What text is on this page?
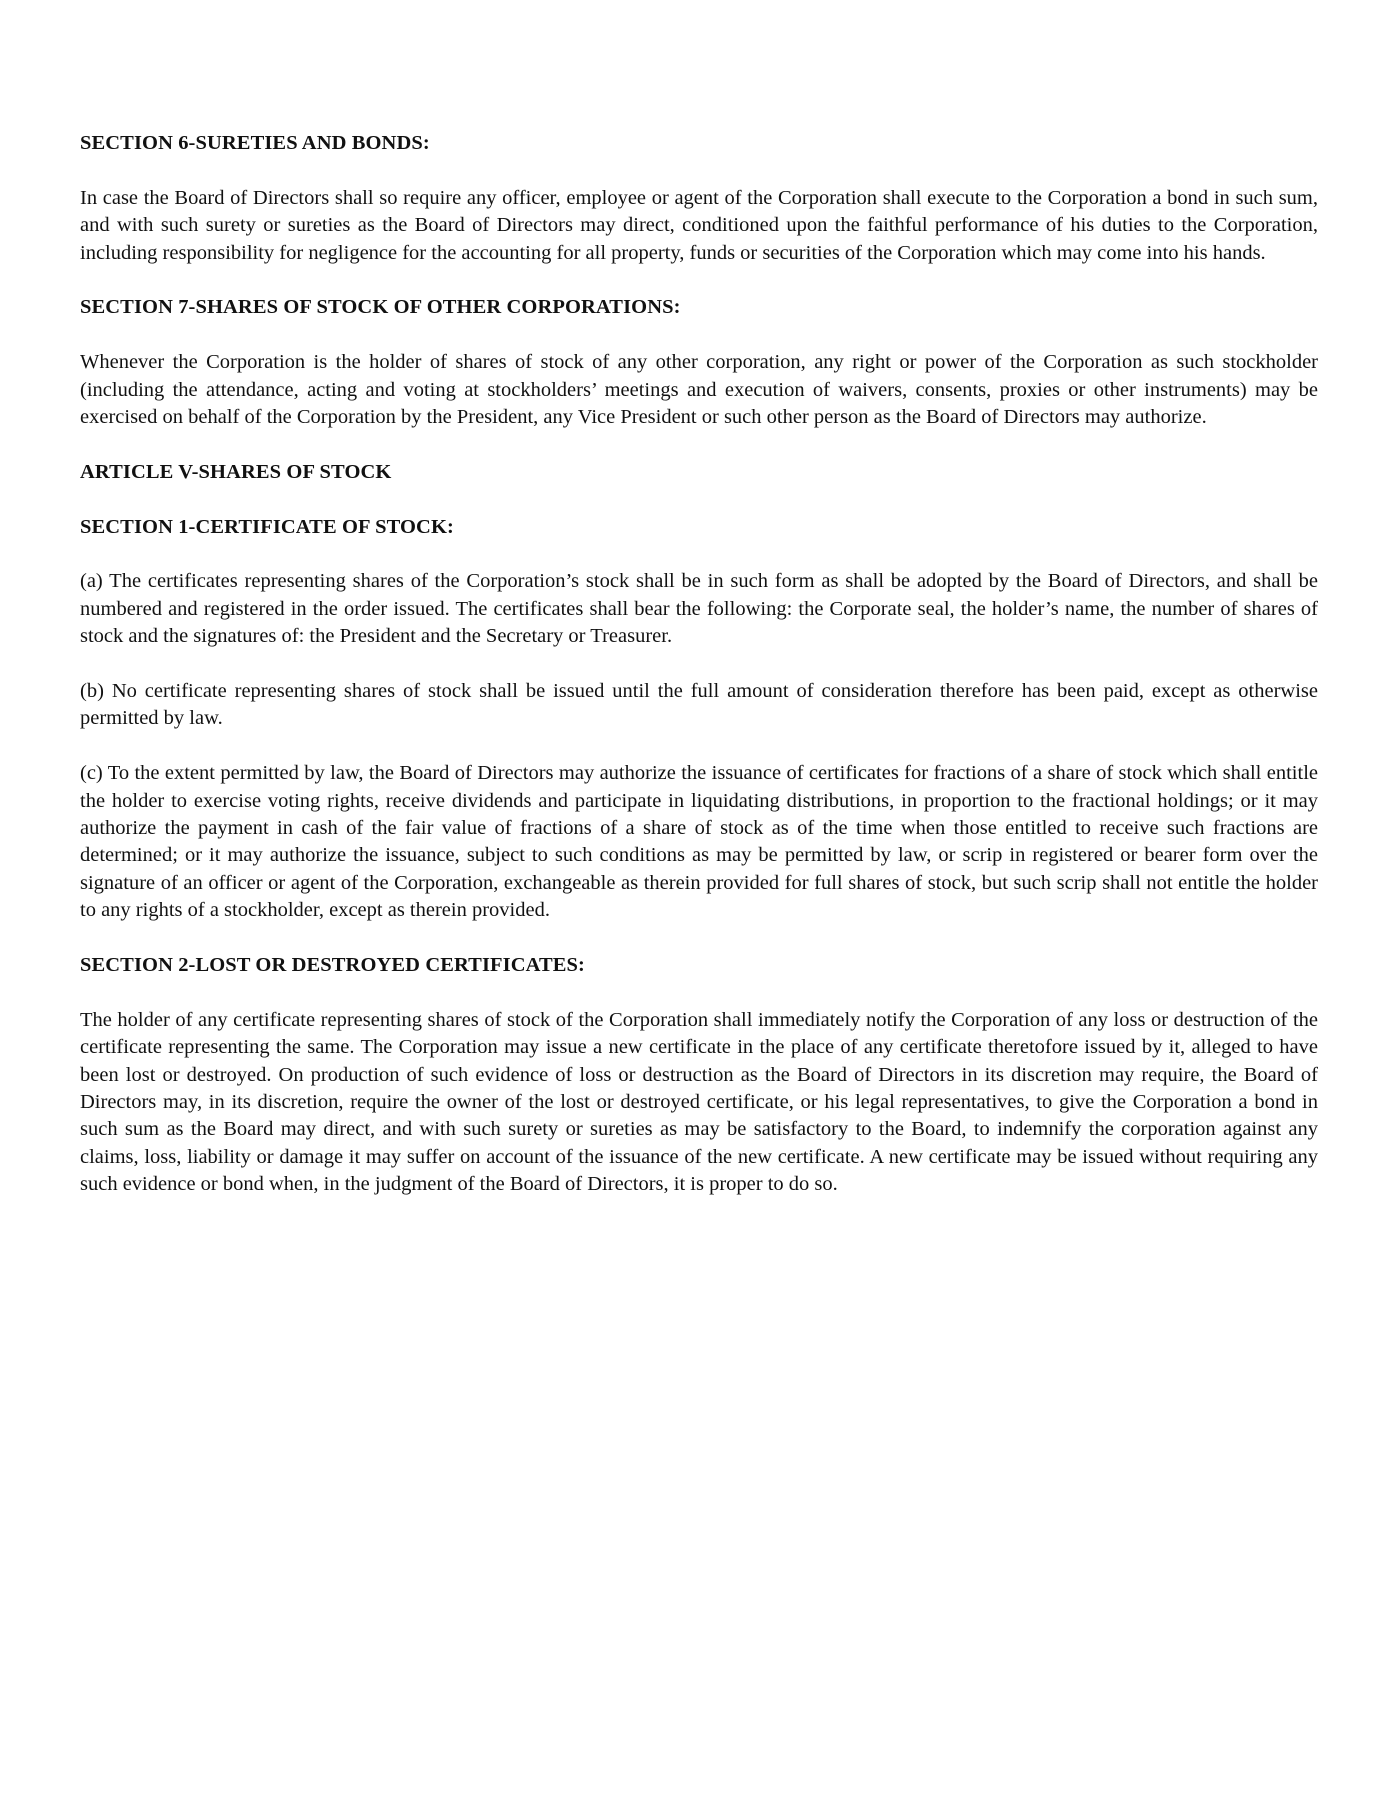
SECTION 6-SURETIES AND BONDS:

In case the Board of Directors shall so require any officer, employee or agent of the Corporation shall execute to the Corporation a bond in such sum, and with such surety or sureties as the Board of Directors may direct, conditioned upon the faithful performance of his duties to the Corporation, including responsibility for negligence for the accounting for all property, funds or securities of the Corporation which may come into his hands.

SECTION 7-SHARES OF STOCK OF OTHER CORPORATIONS:

Whenever the Corporation is the holder of shares of stock of any other corporation, any right or power of the Corporation as such stockholder (including the attendance, acting and voting at stockholders’ meetings and execution of waivers, consents, proxies or other instruments) may be exercised on behalf of the Corporation by the President, any Vice President or such other person as the Board of Directors may authorize.

ARTICLE V-SHARES OF STOCK

SECTION 1-CERTIFICATE OF STOCK:

(a) The certificates representing shares of the Corporation’s stock shall be in such form as shall be adopted by the Board of Directors, and shall be numbered and registered in the order issued. The certificates shall bear the following: the Corporate seal, the holder’s name, the number of shares of stock and the signatures of: the President and the Secretary or Treasurer.

(b) No certificate representing shares of stock shall be issued until the full amount of consideration therefore has been paid, except as otherwise permitted by law.

(c) To the extent permitted by law, the Board of Directors may authorize the issuance of certificates for fractions of a share of stock which shall entitle the holder to exercise voting rights, receive dividends and participate in liquidating distributions, in proportion to the fractional holdings; or it may authorize the payment in cash of the fair value of fractions of a share of stock as of the time when those entitled to receive such fractions are determined; or it may authorize the issuance, subject to such conditions as may be permitted by law, or scrip in registered or bearer form over the signature of an officer or agent of the Corporation, exchangeable as therein provided for full shares of stock, but such scrip shall not entitle the holder to any rights of a stockholder, except as therein provided.

SECTION 2-LOST OR DESTROYED CERTIFICATES:

The holder of any certificate representing shares of stock of the Corporation shall immediately notify the Corporation of any loss or destruction of the certificate representing the same. The Corporation may issue a new certificate in the place of any certificate theretofore issued by it, alleged to have been lost or destroyed. On production of such evidence of loss or destruction as the Board of Directors in its discretion may require, the Board of Directors may, in its discretion, require the owner of the lost or destroyed certificate, or his legal representatives, to give the Corporation a bond in such sum as the Board may direct, and with such surety or sureties as may be satisfactory to the Board, to indemnify the corporation against any claims, loss, liability or damage it may suffer on account of the issuance of the new certificate. A new certificate may be issued without requiring any such evidence or bond when, in the judgment of the Board of Directors, it is proper to do so.
